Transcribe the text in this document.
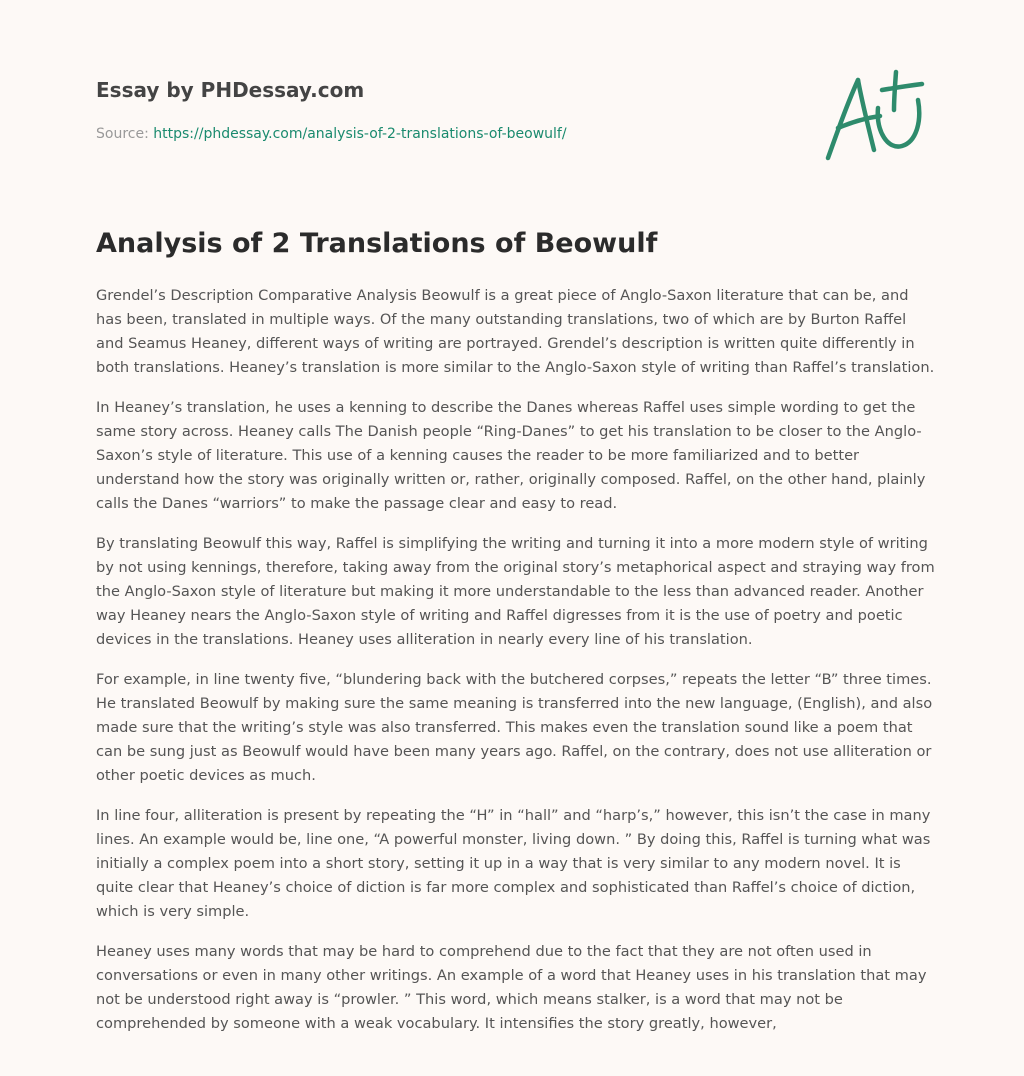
Essay by PHDessay.com

Source: https://phdessay.com/analysis-of-2-translations-of-beowulf/
Analysis of 2 Translations of Beowulf

Grendel’s Description Comparative Analysis Beowulf is a great piece of Anglo-Saxon literature that can be, and has been, translated in multiple ways. Of the many outstanding translations, two of which are by Burton Raffel and Seamus Heaney, different ways of writing are portrayed. Grendel’s description is written quite differently in both translations. Heaney’s translation is more similar to the Anglo-Saxon style of writing than Raffel’s translation.

In Heaney’s translation, he uses a kenning to describe the Danes whereas Raffel uses simple wording to get the same story across. Heaney calls The Danish people “Ring-Danes” to get his translation to be closer to the Anglo-Saxon’s style of literature. This use of a kenning causes the reader to be more familiarized and to better understand how the story was originally written or, rather, originally composed. Raffel, on the other hand, plainly calls the Danes “warriors” to make the passage clear and easy to read.

By translating Beowulf this way, Raffel is simplifying the writing and turning it into a more modern style of writing by not using kennings, therefore, taking away from the original story’s metaphorical aspect and straying way from the Anglo-Saxon style of literature but making it more understandable to the less than advanced reader. Another way Heaney nears the Anglo-Saxon style of writing and Raffel digresses from it is the use of poetry and poetic devices in the translations. Heaney uses alliteration in nearly every line of his translation.

For example, in line twenty five, “blundering back with the butchered corpses,” repeats the letter “B” three times. He translated Beowulf by making sure the same meaning is transferred into the new language, (English), and also made sure that the writing’s style was also transferred. This makes even the translation sound like a poem that can be sung just as Beowulf would have been many years ago. Raffel, on the contrary, does not use alliteration or other poetic devices as much.

In line four, alliteration is present by repeating the “H” in “hall” and “harp’s,” however, this isn’t the case in many lines. An example would be, line one, “A powerful monster, living down. ” By doing this, Raffel is turning what was initially a complex poem into a short story, setting it up in a way that is very similar to any modern novel. It is quite clear that Heaney’s choice of diction is far more complex and sophisticated than Raffel’s choice of diction, which is very simple.

Heaney uses many words that may be hard to comprehend due to the fact that they are not often used in conversations or even in many other writings. An example of a word that Heaney uses in his translation that may not be understood right away is “prowler. ” This word, which means stalker, is a word that may not be comprehended by someone with a weak vocabulary. It intensifies the story greatly, however,
